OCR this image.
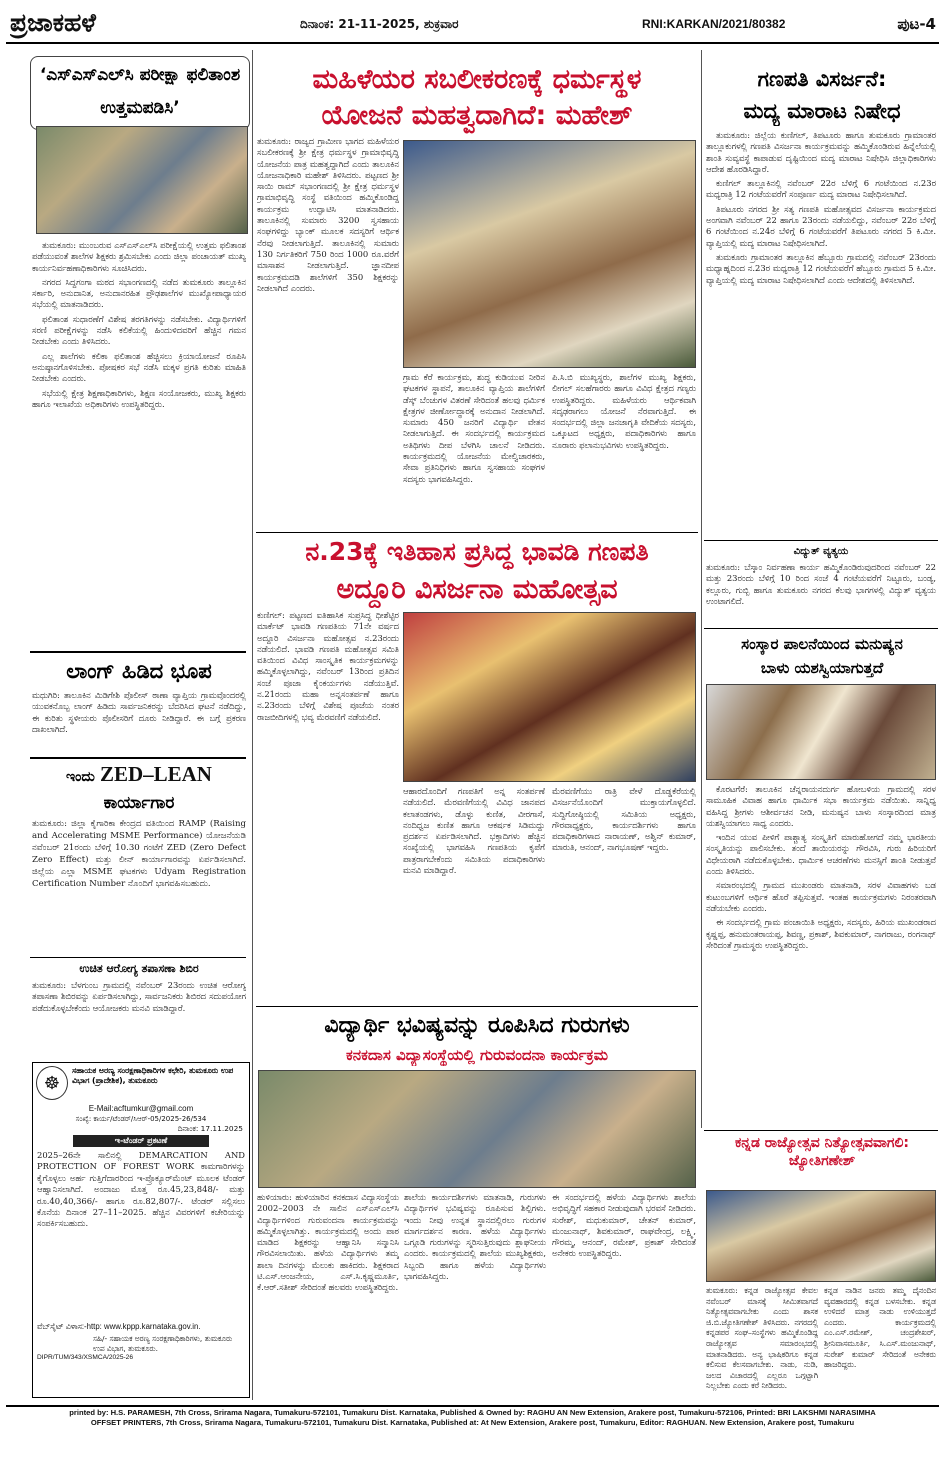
ಪ್ರಜಾಕಹಳೆ	ದಿನಾಂಕ: 21-11-2025, ಶುಕ್ರವಾರ	RNI:KARKAN/2021/80382	ಪುಟ-4
‘ಎಸ್‌ಎಸ್‌ಎಲ್‌ಸಿ ಪರೀಕ್ಷಾ ಫಲಿತಾಂಶ ಉತ್ತಮಪಡಿಸಿ’

ತುಮಕೂರು: ಮುಂಬರುವ ಎಸ್‌ಎಸ್‌ಎಲ್‌ಸಿ ಪರೀಕ್ಷೆಯಲ್ಲಿ ಉತ್ತಮ ಫಲಿತಾಂಶ ಪಡೆಯುವಂತೆ ಶಾಲೆಗಳ ಶಿಕ್ಷಕರು ಶ್ರಮಿಸಬೇಕು ಎಂದು ಜಿಲ್ಲಾ ಪಂಚಾಯತ್ ಮುಖ್ಯ ಕಾರ್ಯನಿರ್ವಹಣಾಧಿಕಾರಿಗಳು ಸೂಚಿಸಿದರು.

ನಗರದ ಸಿದ್ದಗಂಗಾ ಮಠದ ಸಭಾಂಗಣದಲ್ಲಿ ನಡೆದ ತುಮಕೂರು ತಾಲ್ಲೂಕಿನ ಸರ್ಕಾರಿ, ಅನುದಾನಿತ, ಅನುದಾನರಹಿತ ಪ್ರೌಢಶಾಲೆಗಳ ಮುಖ್ಯೋಪಾಧ್ಯಾಯರ ಸಭೆಯಲ್ಲಿ ಮಾತನಾಡಿದರು.

ಫಲಿತಾಂಶ ಸುಧಾರಣೆಗೆ ವಿಶೇಷ ತರಗತಿಗಳನ್ನು ನಡೆಸಬೇಕು. ವಿದ್ಯಾರ್ಥಿಗಳಿಗೆ ಸರಣಿ ಪರೀಕ್ಷೆಗಳನ್ನು ನಡೆಸಿ ಕಲಿಕೆಯಲ್ಲಿ ಹಿಂದುಳಿದವರಿಗೆ ಹೆಚ್ಚಿನ ಗಮನ ನೀಡಬೇಕು ಎಂದು ತಿಳಿಸಿದರು.

ಎಲ್ಲ ಶಾಲೆಗಳು ಕಲಿಕಾ ಫಲಿತಾಂಶ ಹೆಚ್ಚಿಸಲು ಕ್ರಿಯಾಯೋಜನೆ ರೂಪಿಸಿ ಅನುಷ್ಠಾನಗೊಳಿಸಬೇಕು. ಪೋಷಕರ ಸಭೆ ನಡೆಸಿ ಮಕ್ಕಳ ಪ್ರಗತಿ ಕುರಿತು ಮಾಹಿತಿ ನೀಡಬೇಕು ಎಂದರು.

ಸಭೆಯಲ್ಲಿ ಕ್ಷೇತ್ರ ಶಿಕ್ಷಣಾಧಿಕಾರಿಗಳು, ಶಿಕ್ಷಣ ಸಂಯೋಜಕರು, ಮುಖ್ಯ ಶಿಕ್ಷಕರು ಹಾಗೂ ಇಲಾಖೆಯ ಅಧಿಕಾರಿಗಳು ಉಪಸ್ಥಿತರಿದ್ದರು.

ಲಾಂಗ್ ಹಿಡಿದ ಭೂಪ
ಮಧುಗಿರಿ: ತಾಲೂಕಿನ ಮಿಡಿಗೇಶಿ ಪೊಲೀಸ್ ಠಾಣಾ ವ್ಯಾಪ್ತಿಯ ಗ್ರಾಮವೊಂದರಲ್ಲಿ ಯುವಕನೊಬ್ಬ ಲಾಂಗ್ ಹಿಡಿದು ಸಾರ್ವಜನಿಕರನ್ನು ಬೆದರಿಸಿದ ಘಟನೆ ನಡೆದಿದ್ದು, ಈ ಕುರಿತು ಸ್ಥಳೀಯರು ಪೊಲೀಸರಿಗೆ ದೂರು ನೀಡಿದ್ದಾರೆ. ಈ ಬಗ್ಗೆ ಪ್ರಕರಣ ದಾಖಲಾಗಿದೆ.
ಇಂದು ZED–LEAN
ಕಾರ್ಯಾಗಾರ
ತುಮಕೂರು: ಜಿಲ್ಲಾ ಕೈಗಾರಿಕಾ ಕೇಂದ್ರದ ವತಿಯಿಂದ RAMP (Raising and Accelerating MSME Performance) ಯೋಜನೆಯಡಿ ನವೆಂಬರ್ 21ರಂದು ಬೆಳಿಗ್ಗೆ 10.30 ಗಂಟೆಗೆ ZED (Zero Defect Zero Effect) ಮತ್ತು ಲೀನ್ ಕಾರ್ಯಾಗಾರವನ್ನು ಏರ್ಪಡಿಸಲಾಗಿದೆ. ಜಿಲ್ಲೆಯ ಎಲ್ಲಾ MSME ಘಟಕಗಳು Udyam Registration Certification Number ನೊಂದಿಗೆ ಭಾಗವಹಿಸಬಹುದು.
ಉಚಿತ ಆರೋಗ್ಯ ತಪಾಸಣಾ ಶಿಬಿರ
ತುಮಕೂರು: ಬೆಳಗುಂಬ ಗ್ರಾಮದಲ್ಲಿ ನವೆಂಬರ್ 23ರಂದು ಉಚಿತ ಆರೋಗ್ಯ ತಪಾಸಣಾ ಶಿಬಿರವನ್ನು ಏರ್ಪಡಿಸಲಾಗಿದ್ದು, ಸಾರ್ವಜನಿಕರು ಶಿಬಿರದ ಸದುಪಯೋಗ ಪಡೆದುಕೊಳ್ಳಬೇಕೆಂದು ಆಯೋಜಕರು ಮನವಿ ಮಾಡಿದ್ದಾರೆ.
☸
ಸಹಾಯಕ ಅರಣ್ಯ ಸಂರಕ್ಷಣಾಧಿಕಾರಿಗಳ ಕಛೇರಿ, ತುಮಕೂರು ಉಪ ವಿಭಾಗ (ಪ್ರಾದೇಶಿಕ), ತುಮಕೂರು
E-Mail:acftumkur@gmail.com
ಸಂಖ್ಯೆ: ಕಾರ್ಯ/ಟೆಂಡರ್/ಸಿಆರ್-05/2025-26/534
ದಿನಾಂಕ: 17.11.2025
ಇ-ಟೆಂಡರ್ ಪ್ರಕಟಣೆ
2025–26ನೇ ಸಾಲಿನಲ್ಲಿ DEMARCATION AND PROTECTION OF FOREST WORK ಕಾಮಗಾರಿಗಳನ್ನು ಕೈಗೊಳ್ಳಲು ಅರ್ಹ ಗುತ್ತಿಗೆದಾರರಿಂದ ಇ-ಪ್ರೊಕ್ಯೂರ್‌ಮೆಂಟ್ ಮೂಲಕ ಟೆಂಡರ್ ಆಹ್ವಾನಿಸಲಾಗಿದೆ. ಅಂದಾಜು ಮೊತ್ತ ರೂ.45,23,848/- ಮತ್ತು ರೂ.40,40,366/- ಹಾಗೂ ರೂ.82,807/-. ಟೆಂಡರ್ ಸಲ್ಲಿಸಲು ಕೊನೆಯ ದಿನಾಂಕ 27–11–2025. ಹೆಚ್ಚಿನ ವಿವರಗಳಿಗೆ ಕಚೇರಿಯನ್ನು ಸಂಪರ್ಕಿಸಬಹುದು.
ವೆಬ್‌ಸೈಟ್ ವಿಳಾಸ:-http: www.kppp.karnataka.gov.in.
ಸಹಿ/- ಸಹಾಯಕ ಅರಣ್ಯ ಸಂರಕ್ಷಣಾಧಿಕಾರಿಗಳು, ತುಮಕೂರು ಉಪ ವಿಭಾಗ, ತುಮಕೂರು.
DIPR/TUM/343/XSMCA/2025-26
ಮಹಿಳೆಯರ ಸಬಲೀಕರಣಕ್ಕೆ ಧರ್ಮಸ್ಥಳ
ಯೋಜನೆ ಮಹತ್ವದಾಗಿದೆ: ಮಹೇಶ್
ತುಮಕೂರು: ರಾಜ್ಯದ ಗ್ರಾಮೀಣ ಭಾಗದ ಮಹಿಳೆಯರ ಸಬಲೀಕರಣಕ್ಕೆ ಶ್ರೀ ಕ್ಷೇತ್ರ ಧರ್ಮಸ್ಥಳ ಗ್ರಾಮಾಭಿವೃದ್ಧಿ ಯೋಜನೆಯ ಪಾತ್ರ ಮಹತ್ವದ್ದಾಗಿದೆ ಎಂದು ತಾಲೂಕಿನ ಯೋಜನಾಧಿಕಾರಿ ಮಹೇಶ್ ತಿಳಿಸಿದರು. ಪಟ್ಟಣದ ಶ್ರೀ ಸಾಯಿ ರಾಮ್ ಸಭಾಂಗಣದಲ್ಲಿ ಶ್ರೀ ಕ್ಷೇತ್ರ ಧರ್ಮಸ್ಥಳ ಗ್ರಾಮಾಭಿವೃದ್ಧಿ ಸಂಸ್ಥೆ ವತಿಯಿಂದ ಹಮ್ಮಿಕೊಂಡಿದ್ದ ಕಾರ್ಯಕ್ರಮ ಉದ್ಘಾಟಿಸಿ ಮಾತನಾಡಿದರು. ತಾಲೂಕಿನಲ್ಲಿ ಸುಮಾರು 3200 ಸ್ವಸಹಾಯ ಸಂಘಗಳಿದ್ದು ಬ್ಯಾಂಕ್ ಮೂಲಕ ಸದಸ್ಯರಿಗೆ ಆರ್ಥಿಕ ನೆರವು ನೀಡಲಾಗುತ್ತಿದೆ. ತಾಲೂಕಿನಲ್ಲಿ ಸುಮಾರು 130 ನಿರ್ಗತಿಕರಿಗೆ 750 ರಿಂದ 1000 ರೂ.ವರೆಗೆ ಮಾಸಾಶನ ನೀಡಲಾಗುತ್ತಿದೆ. ಜ್ಞಾನದೀಪ ಕಾರ್ಯಕ್ರಮದಡಿ ಶಾಲೆಗಳಿಗೆ 350 ಶಿಕ್ಷಕರನ್ನು ನೀಡಲಾಗಿದೆ ಎಂದರು.
ಗ್ರಾಮ ಕೆರೆ ಕಾರ್ಯಕ್ರಮ, ಶುದ್ಧ ಕುಡಿಯುವ ನೀರಿನ ಘಟಕಗಳ ಸ್ಥಾಪನೆ, ತಾಲೂಕಿನ ವ್ಯಾಪ್ತಿಯ ಶಾಲೆಗಳಿಗೆ ಡೆಸ್ಕ್ ಬೆಂಚುಗಳ ವಿತರಣೆ ಸೇರಿದಂತೆ ಹಲವು ಧರ್ಮಿಕ ಕ್ಷೇತ್ರಗಳ ಜೀರ್ಣೋದ್ಧಾರಕ್ಕೆ ಅನುದಾನ ನೀಡಲಾಗಿದೆ. ಸುಮಾರು 450 ಜನರಿಗೆ ವಿದ್ಯಾರ್ಥಿ ವೇತನ ನೀಡಲಾಗುತ್ತಿದೆ. ಈ ಸಂದರ್ಭದಲ್ಲಿ ಕಾರ್ಯಕ್ರಮದ ಅತಿಥಿಗಳು ದೀಪ ಬೆಳಗಿಸಿ ಚಾಲನೆ ನೀಡಿದರು. ಕಾರ್ಯಕ್ರಮದಲ್ಲಿ ಯೋಜನೆಯ ಮೇಲ್ವಿಚಾರಕರು, ಸೇವಾ ಪ್ರತಿನಿಧಿಗಳು ಹಾಗೂ ಸ್ವಸಹಾಯ ಸಂಘಗಳ ಸದಸ್ಯರು ಭಾಗವಹಿಸಿದ್ದರು.
ಪಿ.ಸಿ.ಬಿ ಮುಖ್ಯಸ್ಥರು, ಶಾಲೆಗಳ ಮುಖ್ಯ ಶಿಕ್ಷಕರು, ಲೀಗಲ್ ಸಲಹೆಗಾರರು ಹಾಗೂ ವಿವಿಧ ಕ್ಷೇತ್ರದ ಗಣ್ಯರು ಉಪಸ್ಥಿತರಿದ್ದರು. ಮಹಿಳೆಯರು ಆರ್ಥಿಕವಾಗಿ ಸದೃಢರಾಗಲು ಯೋಜನೆ ನೆರವಾಗುತ್ತಿದೆ. ಈ ಸಂದರ್ಭದಲ್ಲಿ ಜಿಲ್ಲಾ ಜನಜಾಗೃತಿ ವೇದಿಕೆಯ ಸದಸ್ಯರು, ಒಕ್ಕೂಟದ ಅಧ್ಯಕ್ಷರು, ಪದಾಧಿಕಾರಿಗಳು ಹಾಗೂ ನೂರಾರು ಫಲಾನುಭವಿಗಳು ಉಪಸ್ಥಿತರಿದ್ದರು.
ಗಣಪತಿ ವಿಸರ್ಜನೆ:
ಮದ್ಯ ಮಾರಾಟ ನಿಷೇಧ

ತುಮಕೂರು: ಜಿಲ್ಲೆಯ ಕುಣಿಗಲ್, ತಿಪಟೂರು ಹಾಗೂ ತುಮಕೂರು ಗ್ರಾಮಾಂತರ ತಾಲ್ಲೂಕುಗಳಲ್ಲಿ ಗಣಪತಿ ವಿಸರ್ಜನಾ ಕಾರ್ಯಕ್ರಮವನ್ನು ಹಮ್ಮಿಕೊಂಡಿರುವ ಹಿನ್ನೆಲೆಯಲ್ಲಿ ಶಾಂತಿ ಸುವ್ಯವಸ್ಥೆ ಕಾಪಾಡುವ ದೃಷ್ಟಿಯಿಂದ ಮದ್ಯ ಮಾರಾಟ ನಿಷೇಧಿಸಿ ಜಿಲ್ಲಾಧಿಕಾರಿಗಳು ಆದೇಶ ಹೊರಡಿಸಿದ್ದಾರೆ.

ಕುಣಿಗಲ್ ತಾಲ್ಲೂಕಿನಲ್ಲಿ ನವೆಂಬರ್ 22ರ ಬೆಳಿಗ್ಗೆ 6 ಗಂಟೆಯಿಂದ ನ.23ರ ಮಧ್ಯರಾತ್ರಿ 12 ಗಂಟೆಯವರೆಗೆ ಸಂಪೂರ್ಣ ಮದ್ಯ ಮಾರಾಟ ನಿಷೇಧಿಸಲಾಗಿದೆ.

ತಿಪಟೂರು ನಗರದ ಶ್ರೀ ಸತ್ಯ ಗಣಪತಿ ಮಹೋತ್ಸವದ ವಿಸರ್ಜನಾ ಕಾರ್ಯಕ್ರಮದ ಅಂಗವಾಗಿ ನವೆಂಬರ್ 22 ಹಾಗೂ 23ರಂದು ನಡೆಯಲಿದ್ದು, ನವೆಂಬರ್ 22ರ ಬೆಳಿಗ್ಗೆ 6 ಗಂಟೆಯಿಂದ ನ.24ರ ಬೆಳಿಗ್ಗೆ 6 ಗಂಟೆಯವರೆಗೆ ತಿಪಟೂರು ನಗರದ 5 ಕಿ.ಮೀ. ವ್ಯಾಪ್ತಿಯಲ್ಲಿ ಮದ್ಯ ಮಾರಾಟ ನಿಷೇಧಿಸಲಾಗಿದೆ.

ತುಮಕೂರು ಗ್ರಾಮಾಂತರ ತಾಲ್ಲೂಕಿನ ಹೆಬ್ಬೂರು ಗ್ರಾಮದಲ್ಲಿ ನವೆಂಬರ್ 23ರಂದು ಮಧ್ಯಾಹ್ನದಿಂದ ನ.23ರ ಮಧ್ಯರಾತ್ರಿ 12 ಗಂಟೆಯವರೆಗೆ ಹೆಬ್ಬೂರು ಗ್ರಾಮದ 5 ಕಿ.ಮೀ. ವ್ಯಾಪ್ತಿಯಲ್ಲಿ ಮದ್ಯ ಮಾರಾಟ ನಿಷೇಧಿಸಲಾಗಿದೆ ಎಂದು ಆದೇಶದಲ್ಲಿ ತಿಳಿಸಲಾಗಿದೆ.

ವಿದ್ಯುತ್ ವ್ಯತ್ಯಯ
ತುಮಕೂರು: ಬೆಸ್ಕಾಂ ನಿರ್ವಹಣಾ ಕಾರ್ಯ ಹಮ್ಮಿಕೊಂಡಿರುವುದರಿಂದ ನವೆಂಬರ್ 22 ಮತ್ತು 23ರಂದು ಬೆಳಿಗ್ಗೆ 10 ರಿಂದ ಸಂಜೆ 4 ಗಂಟೆಯವರೆಗೆ ನಿಟ್ಟೂರು, ಬಂಡ್ಯ, ಕಲ್ಲೂರು, ಗುಬ್ಬಿ ಹಾಗೂ ತುಮಕೂರು ನಗರದ ಕೆಲವು ಭಾಗಗಳಲ್ಲಿ ವಿದ್ಯುತ್ ವ್ಯತ್ಯಯ ಉಂಟಾಗಲಿದೆ.
ನ.23ಕ್ಕೆ ಇತಿಹಾಸ ಪ್ರಸಿದ್ಧ ಭಾವಡಿ ಗಣಪತಿ
ಅದ್ದೂರಿ ವಿಸರ್ಜನಾ ಮಹೋತ್ಸವ
ಕುಣಿಗಲ್: ಪಟ್ಟಣದ ಐತಿಹಾಸಿಕ ಸುಪ್ರಸಿದ್ಧ ಧೀಶೆಟ್ಟಿರ ಮಾರ್ಕೆಟ್ ಭಾವಡಿ ಗಣಪತಿಯ 71ನೇ ವರ್ಷದ ಅದ್ದೂರಿ ವಿಸರ್ಜನಾ ಮಹೋತ್ಸವ ನ.23ರಂದು ನಡೆಯಲಿದೆ. ಭಾವಡಿ ಗಣಪತಿ ಮಹೋತ್ಸವ ಸಮಿತಿ ವತಿಯಿಂದ ವಿವಿಧ ಸಾಂಸ್ಕೃತಿಕ ಕಾರ್ಯಕ್ರಮಗಳನ್ನು ಹಮ್ಮಿಕೊಳ್ಳಲಾಗಿದ್ದು, ನವೆಂಬರ್ 13ರಿಂದ ಪ್ರತಿದಿನ ಸಂಜೆ ಪೂಜಾ ಕೈಂಕರ್ಯಗಳು ನಡೆಯುತ್ತಿವೆ. ನ.21ರಂದು ಮಹಾ ಅನ್ನಸಂತರ್ಪಣೆ ಹಾಗೂ ನ.23ರಂದು ಬೆಳಿಗ್ಗೆ ವಿಶೇಷ ಪೂಜೆಯ ನಂತರ ರಾಜಬೀದಿಗಳಲ್ಲಿ ಭವ್ಯ ಮೆರವಣಿಗೆ ನಡೆಯಲಿದೆ.
ಆಹಾರದೊಂದಿಗೆ ಗಣಪತಿಗೆ ಅನ್ನ ಸಂತರ್ಪಣೆ ನಡೆಯಲಿದೆ. ಮೆರವಣಿಗೆಯಲ್ಲಿ ವಿವಿಧ ಜಾನಪದ ಕಲಾತಂಡಗಳು, ಡೊಳ್ಳು ಕುಣಿತ, ವೀರಗಾಸೆ, ನಂದಿಧ್ವಜ ಕುಣಿತ ಹಾಗೂ ಆಕರ್ಷಕ ಸಿಡಿಮದ್ದು ಪ್ರದರ್ಶನ ಏರ್ಪಡಿಸಲಾಗಿದೆ. ಭಕ್ತಾದಿಗಳು ಹೆಚ್ಚಿನ ಸಂಖ್ಯೆಯಲ್ಲಿ ಭಾಗವಹಿಸಿ ಗಣಪತಿಯ ಕೃಪೆಗೆ ಪಾತ್ರರಾಗಬೇಕೆಂದು ಸಮಿತಿಯ ಪದಾಧಿಕಾರಿಗಳು ಮನವಿ ಮಾಡಿದ್ದಾರೆ.
ಮೆರವಣಿಗೆಯು ರಾತ್ರಿ ವೇಳೆ ದೊಡ್ಡಕೆರೆಯಲ್ಲಿ ವಿಸರ್ಜನೆಯೊಂದಿಗೆ ಮುಕ್ತಾಯಗೊಳ್ಳಲಿದೆ. ಸುದ್ದಿಗೋಷ್ಠಿಯಲ್ಲಿ ಸಮಿತಿಯ ಅಧ್ಯಕ್ಷರು, ಗೌರವಾಧ್ಯಕ್ಷರು, ಕಾರ್ಯದರ್ಶಿಗಳು ಹಾಗೂ ಪದಾಧಿಕಾರಿಗಳಾದ ನಾರಾಯಣ್, ಅಶ್ವಿನ್ ಕುಮಾರ್, ಮಾರುತಿ, ಆನಂದ್, ನಾಗಭೂಷಣ್ ಇದ್ದರು.
ಸಂಸ್ಕಾರ ಪಾಲನೆಯಿಂದ ಮನುಷ್ಯನ
ಬಾಳು ಯಶಸ್ವಿಯಾಗುತ್ತದೆ

ಕೊರಟಗೆರೆ: ತಾಲೂಕಿನ ಚೆನ್ನರಾಯನದುರ್ಗ ಹೋಬಳಿಯ ಗ್ರಾಮದಲ್ಲಿ ಸರಳ ಸಾಮೂಹಿಕ ವಿವಾಹ ಹಾಗೂ ಧಾರ್ಮಿಕ ಸಭಾ ಕಾರ್ಯಕ್ರಮ ನಡೆಯಿತು. ಸಾನ್ನಿಧ್ಯ ವಹಿಸಿದ್ದ ಶ್ರೀಗಳು ಆಶೀರ್ವಚನ ನೀಡಿ, ಮನುಷ್ಯನ ಬಾಳು ಸಂಸ್ಕಾರದಿಂದ ಮಾತ್ರ ಯಶಸ್ವಿಯಾಗಲು ಸಾಧ್ಯ ಎಂದರು.

ಇಂದಿನ ಯುವ ಪೀಳಿಗೆ ಪಾಶ್ಚಾತ್ಯ ಸಂಸ್ಕೃತಿಗೆ ಮಾರುಹೋಗದೆ ನಮ್ಮ ಭಾರತೀಯ ಸಂಸ್ಕೃತಿಯನ್ನು ಪಾಲಿಸಬೇಕು. ತಂದೆ ತಾಯಿಯರನ್ನು ಗೌರವಿಸಿ, ಗುರು ಹಿರಿಯರಿಗೆ ವಿಧೇಯರಾಗಿ ನಡೆದುಕೊಳ್ಳಬೇಕು. ಧಾರ್ಮಿಕ ಆಚರಣೆಗಳು ಮನಸ್ಸಿಗೆ ಶಾಂತಿ ನೀಡುತ್ತವೆ ಎಂದು ತಿಳಿಸಿದರು.

ಸಮಾರಂಭದಲ್ಲಿ ಗ್ರಾಮದ ಮುಖಂಡರು ಮಾತನಾಡಿ, ಸರಳ ವಿವಾಹಗಳು ಬಡ ಕುಟುಂಬಗಳಿಗೆ ಆರ್ಥಿಕ ಹೊರೆ ತಪ್ಪಿಸುತ್ತವೆ. ಇಂತಹ ಕಾರ್ಯಕ್ರಮಗಳು ನಿರಂತರವಾಗಿ ನಡೆಯಬೇಕು ಎಂದರು.

ಈ ಸಂದರ್ಭದಲ್ಲಿ ಗ್ರಾಮ ಪಂಚಾಯಿತಿ ಅಧ್ಯಕ್ಷರು, ಸದಸ್ಯರು, ಹಿರಿಯ ಮುಖಂಡರಾದ ಕೃಷ್ಣಪ್ಪ, ಹನುಮಂತರಾಯಪ್ಪ, ಶಿವಣ್ಣ, ಪ್ರಕಾಶ್, ಶಿವಕುಮಾರ್, ನಾಗರಾಜು, ರಂಗನಾಥ್ ಸೇರಿದಂತೆ ಗ್ರಾಮಸ್ಥರು ಉಪಸ್ಥಿತರಿದ್ದರು.

ವಿದ್ಯಾರ್ಥಿ ಭವಿಷ್ಯವನ್ನು ರೂಪಿಸಿದ ಗುರುಗಳು
ಕನಕದಾಸ ವಿದ್ಯಾಸಂಸ್ಥೆಯಲ್ಲಿ ಗುರುವಂದನಾ ಕಾರ್ಯಕ್ರಮ
ಹುಳಿಯಾರು: ಹುಳಿಯಾರಿನ ಕನಕದಾಸ ವಿದ್ಯಾಸಂಸ್ಥೆಯ 2002–2003 ನೇ ಸಾಲಿನ ಎಸ್‌ಎಸ್‌ಎಲ್‌ಸಿ ವಿದ್ಯಾರ್ಥಿಗಳಿಂದ ಗುರುವಂದನಾ ಕಾರ್ಯಕ್ರಮವನ್ನು ಹಮ್ಮಿಕೊಳ್ಳಲಾಗಿತ್ತು. ಕಾರ್ಯಕ್ರಮದಲ್ಲಿ ಅಂದು ಪಾಠ ಮಾಡಿದ ಶಿಕ್ಷಕರನ್ನು ಆಹ್ವಾನಿಸಿ ಸನ್ಮಾನಿಸಿ ಗೌರವಿಸಲಾಯಿತು. ಹಳೆಯ ವಿದ್ಯಾರ್ಥಿಗಳು ತಮ್ಮ ಶಾಲಾ ದಿನಗಳನ್ನು ಮೆಲುಕು ಹಾಕಿದರು. ಶಿಕ್ಷಕರಾದ ಟಿ.ಎಸ್.ಆಂಜನೇಯ, ಎಸ್.ಸಿ.ಕೃಷ್ಣಮೂರ್ತಿ, ಕೆ.ಆರ್.ಸತೀಶ್ ಸೇರಿದಂತೆ ಹಲವರು ಉಪಸ್ಥಿತರಿದ್ದರು.
ಶಾಲೆಯ ಕಾರ್ಯದರ್ಶಿಗಳು ಮಾತನಾಡಿ, ಗುರುಗಳು ವಿದ್ಯಾರ್ಥಿಗಳ ಭವಿಷ್ಯವನ್ನು ರೂಪಿಸುವ ಶಿಲ್ಪಿಗಳು. ಇಂದು ನೀವು ಉನ್ನತ ಸ್ಥಾನದಲ್ಲಿರಲು ಗುರುಗಳ ಮಾರ್ಗದರ್ಶನ ಕಾರಣ. ಹಳೆಯ ವಿದ್ಯಾರ್ಥಿಗಳು ಒಗ್ಗೂಡಿ ಗುರುಗಳನ್ನು ಸ್ಮರಿಸುತ್ತಿರುವುದು ಶ್ಲಾಘನೀಯ ಎಂದರು. ಕಾರ್ಯಕ್ರಮದಲ್ಲಿ ಶಾಲೆಯ ಮುಖ್ಯಶಿಕ್ಷಕರು, ಸಿಬ್ಬಂದಿ ಹಾಗೂ ಹಳೆಯ ವಿದ್ಯಾರ್ಥಿಗಳು ಭಾಗವಹಿಸಿದ್ದರು.
ಈ ಸಂದರ್ಭದಲ್ಲಿ ಹಳೆಯ ವಿದ್ಯಾರ್ಥಿಗಳು ಶಾಲೆಯ ಅಭಿವೃದ್ಧಿಗೆ ಸಹಕಾರ ನೀಡುವುದಾಗಿ ಭರವಸೆ ನೀಡಿದರು. ಸುರೇಶ್, ಮಧುಕುಮಾರ್, ಚೇತನ್ ಕುಮಾರ್, ಮಂಜುನಾಥ್, ಶಿವಕುಮಾರ್, ರಾಘವೇಂದ್ರ, ಲಕ್ಷ್ಮಿ, ಗೌರಮ್ಮ, ಆನಂದ್, ರಮೇಶ್, ಪ್ರಕಾಶ್ ಸೇರಿದಂತೆ ಅನೇಕರು ಉಪಸ್ಥಿತರಿದ್ದರು.
ಕನ್ನಡ ರಾಜ್ಯೋತ್ಸವ ನಿತ್ಯೋತ್ಸವವಾಗಲಿ: ಜ್ಯೋತಿಗಣೇಶ್
ತುಮಕೂರು: ಕನ್ನಡ ರಾಜ್ಯೋತ್ಸವ ಕೇವಲ ನವೆಂಬರ್ ಮಾಸಕ್ಕೆ ಸೀಮಿತವಾಗದೆ ನಿತ್ಯೋತ್ಸವವಾಗಬೇಕು ಎಂದು ಶಾಸಕ ಜಿ.ಬಿ.ಜ್ಯೋತಿಗಣೇಶ್ ತಿಳಿಸಿದರು. ನಗರದಲ್ಲಿ ಕನ್ನಡಪರ ಸಂಘ–ಸಂಸ್ಥೆಗಳು ಹಮ್ಮಿಕೊಂಡಿದ್ದ ರಾಜ್ಯೋತ್ಸವ ಸಮಾರಂಭದಲ್ಲಿ ಮಾತನಾಡಿದರು. ಅನ್ಯ ಭಾಷಿಕರಿಗೂ ಕನ್ನಡ ಕಲಿಸುವ ಕೆಲಸವಾಗಬೇಕು. ನಾಡು, ನುಡಿ, ಜಲದ ವಿಚಾರದಲ್ಲಿ ಎಲ್ಲರೂ ಒಗ್ಗಟ್ಟಾಗಿ ನಿಲ್ಲಬೇಕು ಎಂದು ಕರೆ ನೀಡಿದರು.
ಕನ್ನಡ ನಾಡಿನ ಜನರು ತಮ್ಮ ದೈನಂದಿನ ವ್ಯವಹಾರದಲ್ಲಿ ಕನ್ನಡ ಬಳಸಬೇಕು. ಕನ್ನಡ ಉಳಿದರೆ ಮಾತ್ರ ನಾಡು ಉಳಿಯುತ್ತದೆ ಎಂದರು. ಕಾರ್ಯಕ್ರಮದಲ್ಲಿ ಎಂ.ಎಸ್.ರಮೇಶ್, ಚಂದ್ರಶೇಖರ್, ಶ್ರೀನಿವಾಸಮೂರ್ತಿ, ಸಿ.ಎಸ್.ಮಂಜುನಾಥ್, ಸುರೇಶ್ ಕುಮಾರ್ ಸೇರಿದಂತೆ ಅನೇಕರು ಹಾಜರಿದ್ದರು.
printed by: H.S. PARAMESH, 7th Cross, Srirama Nagara, Tumakuru-572101, Tumakuru Dist. Karnataka, Published & Owned by: RAGHU AN New Extension, Arakere post, Tumakuru-572106, Printed: BRI LAKSHMI NARASIMHA
OFFSET PRINTERS, 7th Cross, Srirama Nagara, Tumakuru-572101, Tumakuru Dist. Karnataka, Published at: At New Extension, Arakere post, Tumakuru, Editor: RAGHUAN. New Extension, Arakere post, Tumakuru
